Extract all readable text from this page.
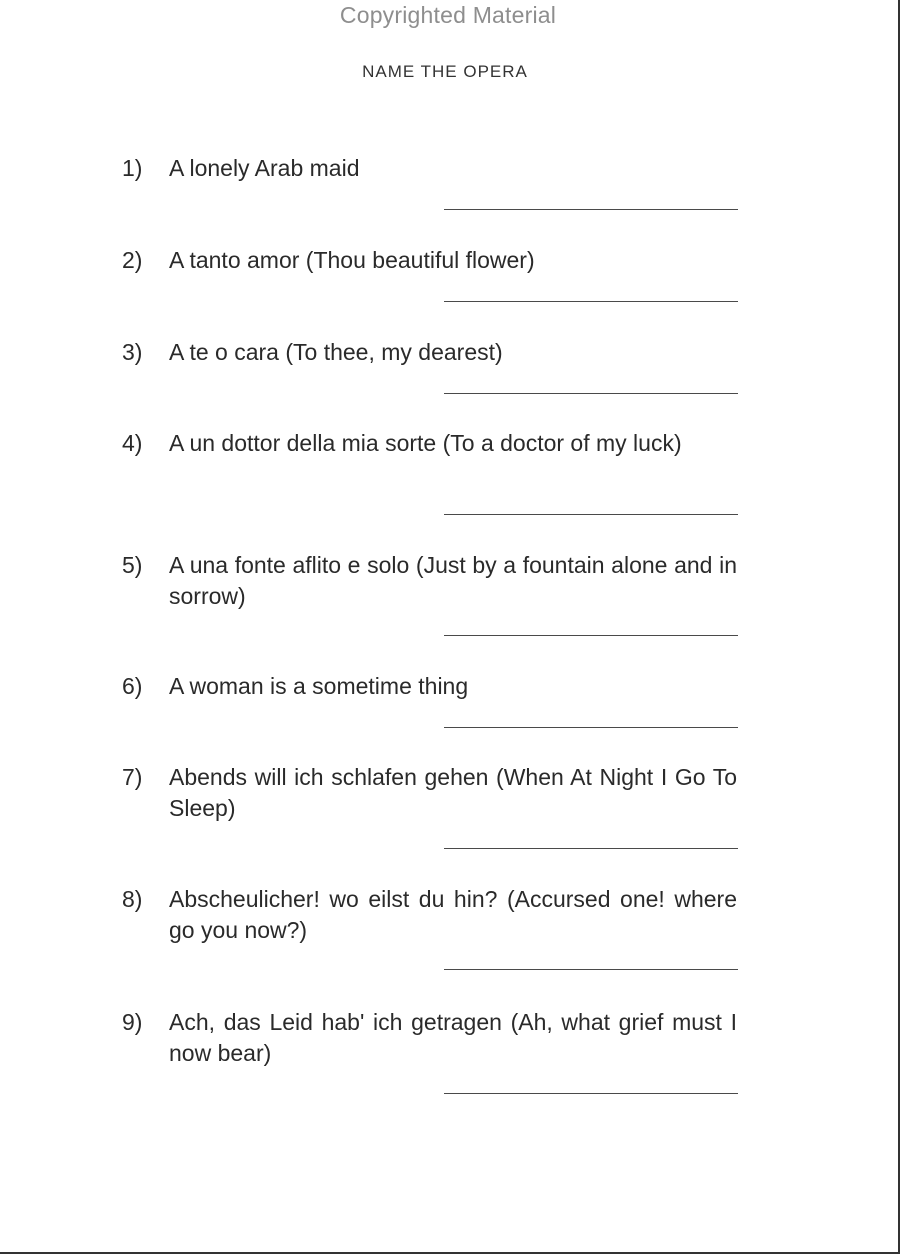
Copyrighted Material
NAME THE OPERA
1) A lonely Arab maid
2) A tanto amor (Thou beautiful flower)
3) A te o cara (To thee, my dearest)
4) A un dottor della mia sorte (To a doctor of my luck)
5) A una fonte aflito e solo (Just by a fountain alone and in sorrow)
6) A woman is a sometime thing
7) Abends will ich schlafen gehen (When At Night I Go To Sleep)
8) Abscheulicher! wo eilst du hin? (Accursed one! where go you now?)
9) Ach, das Leid hab' ich getragen (Ah, what grief must I now bear)
